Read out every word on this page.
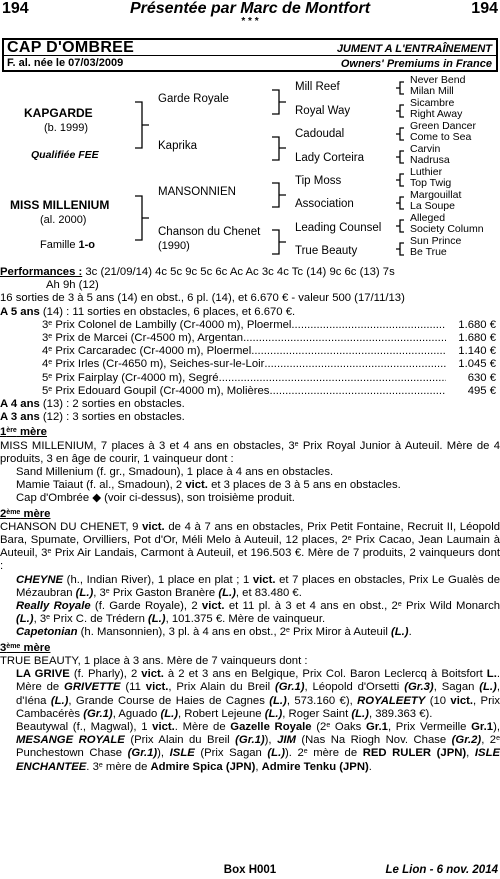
194	Présentée par Marc de Montfort	194
* * *
CAP D'OMBREE
F. al. née le 07/03/2009
JUMENT A L'ENTRAÎNEMENT
Owners' Premiums in France
KAPGARDE
(b. 1999)
Qualifiée FEE
MISS MILLENIUM
(al. 2000)
Famille 1-o
Garde Royale
Kaprika
MANSONNIEN
Chanson du Chenet
(1990)
Mill Reef
Royal Way
Cadoudal
Lady Corteira
Tip Moss
Association
Leading Counsel
True Beauty
Never Bend
Milan Mill
Sicambre
Right Away
Green Dancer
Come to Sea
Carvin
Nadrusa
Luthier
Top Twig
Margouillat
La Soupe
Alleged
Society Column
Sun Prince
Be True
Performances : 3c (21/09/14) 4c 5c 9c 5c 6c Ac Ac 3c 4c Tc (14) 9c 6c (13) 7s
Ah 9h (12)
16 sorties de 3 à 5 ans (14) en obst., 6 pl. (14), et 6.670 € - valeur 500 (17/11/13)
A 5 ans (14) : 11 sorties en obstacles, 6 places, et 6.670 €.
3e Prix Colonel de Lambilly (Cr-4000 m), Ploermel .....	1.680 €
3e Prix de Marcei (Cr-4500 m), Argentan .....	1.680 €
4e Prix Carcaradec (Cr-4000 m), Ploermel .....	1.140 €
4e Prix Irles (Cr-4650 m), Seiches-sur-le-Loir .....	1.045 €
5e Prix Fairplay (Cr-4000 m), Segré .....	630 €
5e Prix Edouard Goupil (Cr-4000 m), Molières .....	495 €
A 4 ans (13) : 2 sorties en obstacles.
A 3 ans (12) : 3 sorties en obstacles.
1ère mère
MISS MILLENIUM, 7 places à 3 et 4 ans en obstacles, 3e Prix Royal Junior à Auteuil. Mère de 4 produits, 3 en âge de courir, 1 vainqueur dont :
Sand Millenium (f. gr., Smadoun), 1 place à 4 ans en obstacles.
Mamie Taiaut (f. al., Smadoun), 2 vict. et 3 places de 3 à 5 ans en obstacles.
Cap d'Ombrée ◆ (voir ci-dessus), son troisième produit.
2ème mère
CHANSON DU CHENET, 9 vict. de 4 à 7 ans en obstacles, Prix Petit Fontaine, Recruit II, Léopold Bara, Spumate, Orvilliers, Pot d'Or, Méli Melo à Auteuil, 12 places, 2e Prix Cacao, Jean Laumain à Auteuil, 3e Prix Air Landais, Carmont à Auteuil, et 196.503 €. Mère de 7 produits, 2 vainqueurs dont :
CHEYNE (h., Indian River), 1 place en plat ; 1 vict. et 7 places en obstacles, Prix Le Gualès de Mézaubran (L.), 3e Prix Gaston Branère (L.), et 83.480 €.
Really Royale (f. Garde Royale), 2 vict. et 11 pl. à 3 et 4 ans en obst., 2e Prix Wild Monarch (L.), 3e Prix C. de Trédern (L.), 101.375 €. Mère de vainqueur.
Capetonian (h. Mansonnien), 3 pl. à 4 ans en obst., 2e Prix Miror à Auteuil (L.).
3ème mère
TRUE BEAUTY, 1 place à 3 ans. Mère de 7 vainqueurs dont :
LA GRIVE (f. Pharly), 2 vict. à 2 et 3 ans en Belgique, Prix Col. Baron Leclercq à Boitsfort L.. Mère de GRIVETTE (11 vict., Prix Alain du Breil (Gr.1), Léopold d'Orsetti (Gr.3), Sagan (L.), d'Iéna (L.), Grande Course de Haies de Cagnes (L.), 573.160 €), ROYALEETY (10 vict., Prix Cambacérès (Gr.1), Aguado (L.), Robert Lejeune (L.), Roger Saint (L.), 389.363 €).
Beautywal (f., Magwal), 1 vict.. Mère de Gazelle Royale (2e Oaks Gr.1, Prix Vermeille Gr.1), MESANGE ROYALE (Prix Alain du Breil (Gr.1)), JIM (Nas Na Riogh Nov. Chase (Gr.2), 2e Punchestown Chase (Gr.1)), ISLE (Prix Sagan (L.)). 2e mère de RED RULER (JPN), ISLE ENCHANTEE. 3e mère de Admire Spica (JPN), Admire Tenku (JPN).
Box H001	Le Lion - 6 nov. 2014
